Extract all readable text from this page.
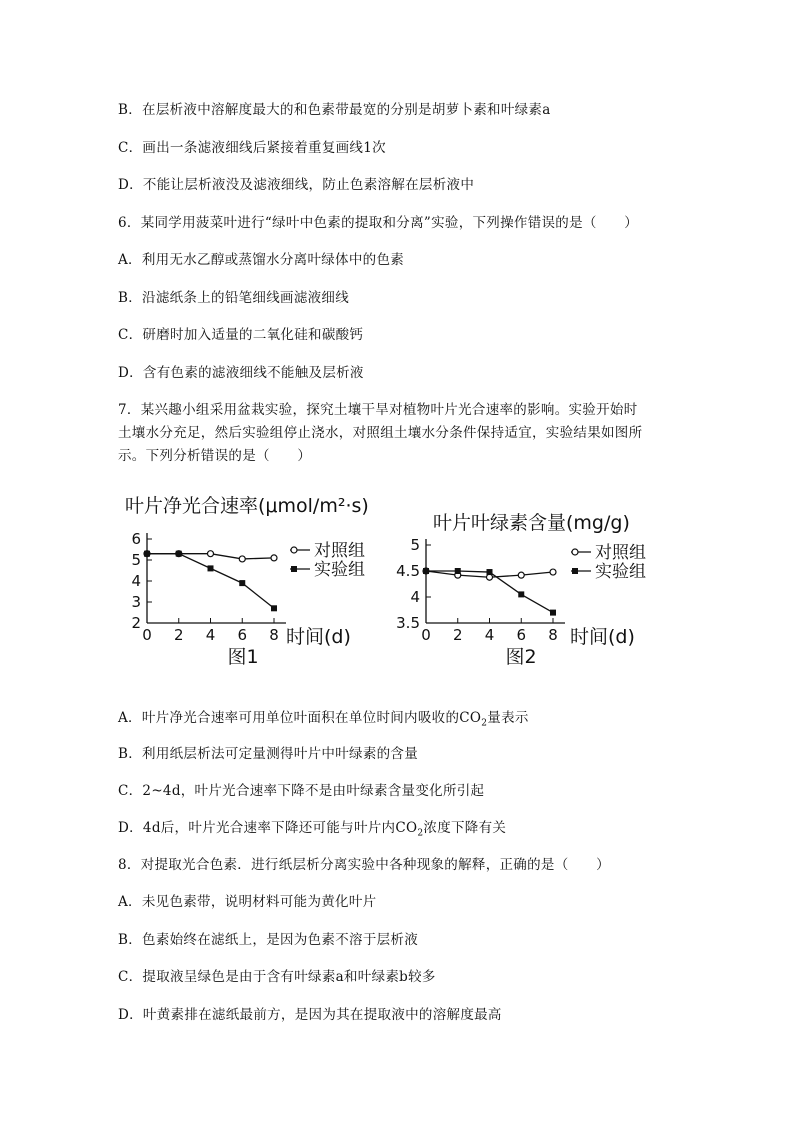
B．在层析液中溶解度最大的和色素带最宽的分别是胡萝卜素和叶绿素a
C．画出一条滤液细线后紧接着重复画线1次
D．不能让层析液没及滤液细线，防止色素溶解在层析液中
6．某同学用菠菜叶进行“绿叶中色素的提取和分离”实验，下列操作错误的是（　　）
A．利用无水乙醇或蒸馏水分离叶绿体中的色素
B．沿滤纸条上的铅笔细线画滤液细线
C．研磨时加入适量的二氧化硅和碳酸钙
D．含有色素的滤液细线不能触及层析液
7．某兴趣小组采用盆栽实验，探究土壤干旱对植物叶片光合速率的影响。实验开始时
土壤水分充足，然后实验组停止浇水，对照组土壤水分条件保持适宜，实验结果如图所
示。下列分析错误的是（　　）
叶片净光合速率(μmol/m²·s)
0 2 4 6 8
2
3
4
5
6
时间(d)
图1
对照组
实验组
叶片叶绿素含量(mg/g)
0 2 4 6 8
3.5
4
4.5
5
时间(d)
图2
对照组
实验组
A．叶片净光合速率可用单位叶面积在单位时间内吸收的$CO_2$量表示
B．利用纸层析法可定量测得叶片中叶绿素的含量
C．2~4d，叶片光合速率下降不是由叶绿素含量变化所引起
D．4d后，叶片光合速率下降还可能与叶片内$CO_2$浓度下降有关
8．对提取光合色素．进行纸层析分离实验中各种现象的解释，正确的是（　　）
A．未见色素带，说明材料可能为黄化叶片
B．色素始终在滤纸上，是因为色素不溶于层析液
C．提取液呈绿色是由于含有叶绿素a和叶绿素b较多
D．叶黄素排在滤纸最前方，是因为其在提取液中的溶解度最高
